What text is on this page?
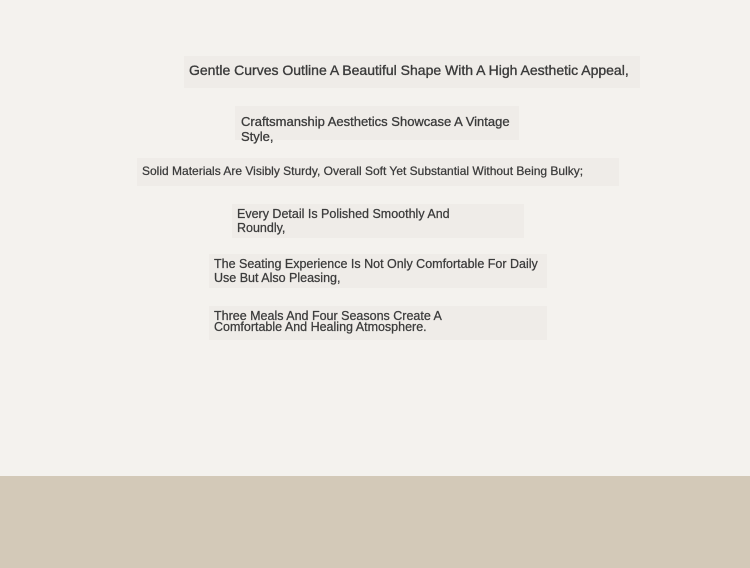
Gentle Curves Outline A Beautiful Shape With A High Aesthetic Appeal,
Craftsmanship Aesthetics Showcase A Vintage Style,
Solid Materials Are Visibly Sturdy, Overall Soft Yet Substantial Without Being Bulky;
Every Detail Is Polished Smoothly And Roundly,
The Seating Experience Is Not Only Comfortable For Daily Use But Also Pleasing,
Three Meals And Four Seasons Create A Comfortable And Healing Atmosphere.
